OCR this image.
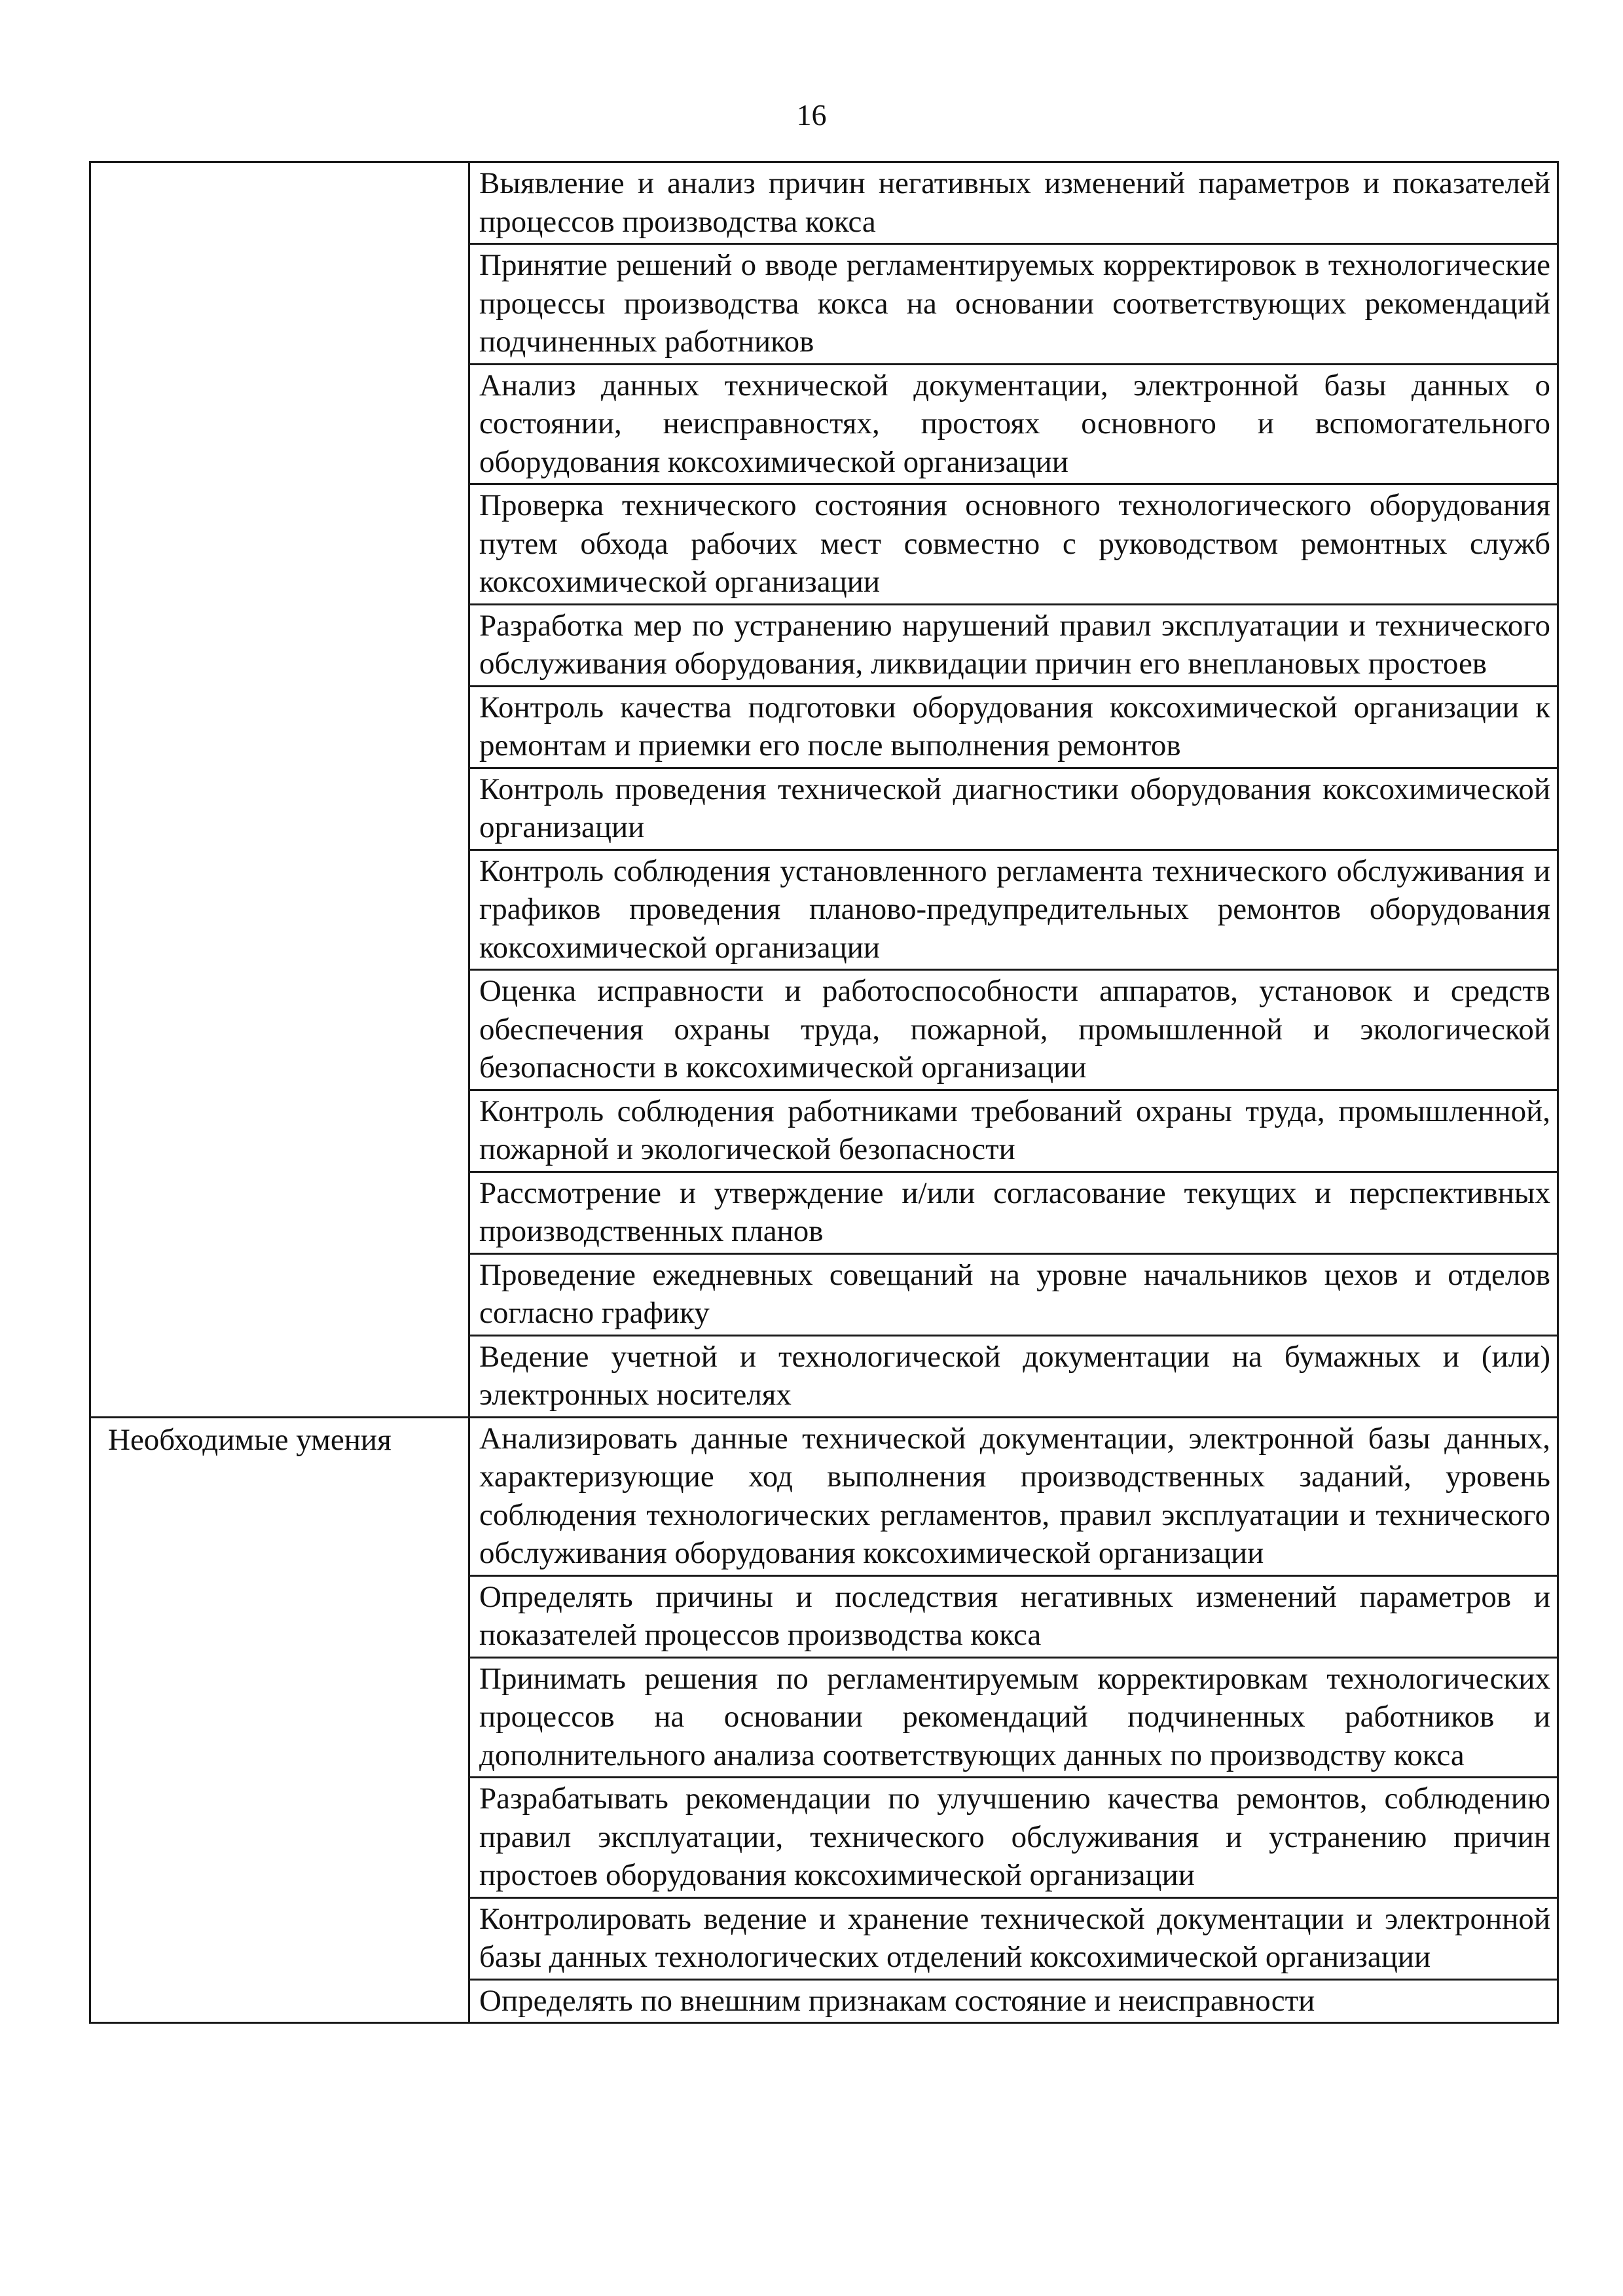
16
	Выявление и анализ причин негативных изменений параметров и показателей процессов производства кокса
	Принятие решений о вводе регламентируемых корректировок в технологические процессы производства кокса на основании соответствующих рекомендаций подчиненных работников
	Анализ данных технической документации, электронной базы данных о состоянии, неисправностях, простоях основного и вспомогательного оборудования коксохимической организации
	Проверка технического состояния основного технологического оборудования путем обхода рабочих мест совместно с руководством ремонтных служб коксохимической организации
	Разработка мер по устранению нарушений правил эксплуатации и технического обслуживания оборудования, ликвидации причин его внеплановых простоев
	Контроль качества подготовки оборудования коксохимической организации к ремонтам и приемки его после выполнения ремонтов
	Контроль проведения технической диагностики оборудования коксохимической организации
	Контроль соблюдения установленного регламента технического обслуживания и графиков проведения планово-предупредительных ремонтов оборудования коксохимической организации
	Оценка исправности и работоспособности аппаратов, установок и средств обеспечения охраны труда, пожарной, промышленной и экологической безопасности в коксохимической организации
	Контроль соблюдения работниками требований охраны труда, промышленной, пожарной и экологической безопасности
	Рассмотрение и утверждение и/или согласование текущих и перспективных производственных планов
	Проведение ежедневных совещаний на уровне начальников цехов и отделов согласно графику
	Ведение учетной и технологической документации на бумажных и (или) электронных носителях
Необходимые умения	Анализировать данные технической документации, электронной базы данных, характеризующие ход выполнения производственных заданий, уровень соблюдения технологических регламентов, правил эксплуатации и технического обслуживания оборудования коксохимической организации
	Определять причины и последствия негативных изменений параметров и показателей процессов производства кокса
	Принимать решения по регламентируемым корректировкам технологических процессов на основании рекомендаций подчиненных работников и дополнительного анализа соответствующих данных по производству кокса
	Разрабатывать рекомендации по улучшению качества ремонтов, соблюдению правил эксплуатации, технического обслуживания и устранению причин простоев оборудования коксохимической организации
	Контролировать ведение и хранение технической документации и электронной базы данных технологических отделений коксохимической организации
	Определять по внешним признакам состояние и неисправности
